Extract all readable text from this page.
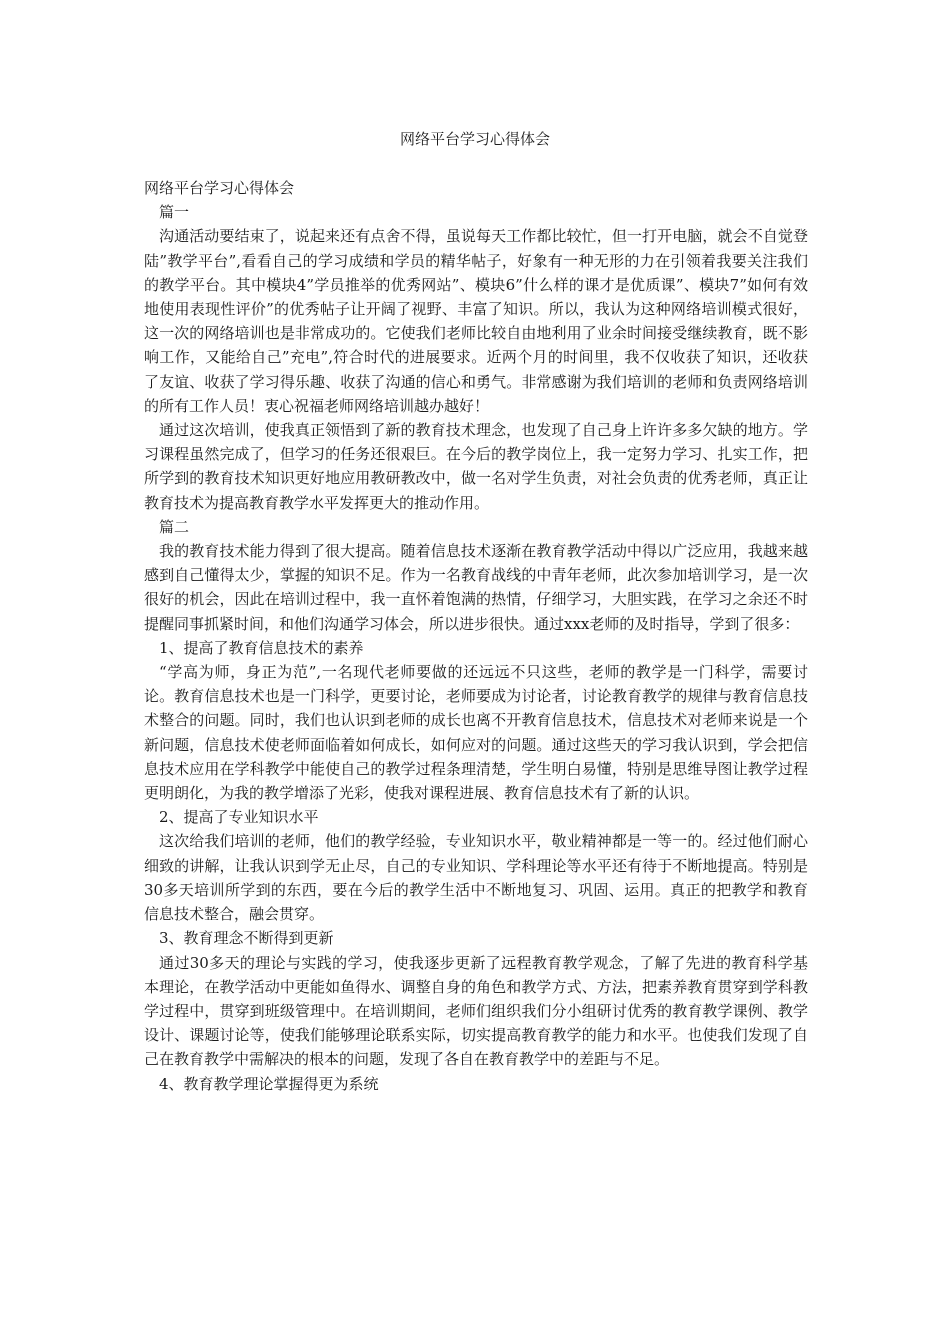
网络平台学习心得体会

网络平台学习心得体会

篇一

沟通活动要结束了，说起来还有点舍不得，虽说每天工作都比较忙，但一打开电脑，就会不自觉登陆”教学平台”,看看自己的学习成绩和学员的精华帖子，好象有一种无形的力在引领着我要关注我们的教学平台。其中模块4”学员推举的优秀网站”、模块6”什么样的课才是优质课”、模块7”如何有效地使用表现性评价”的优秀帖子让开阔了视野、丰富了知识。所以，我认为这种网络培训模式很好，这一次的网络培训也是非常成功的。它使我们老师比较自由地利用了业余时间接受继续教育，既不影响工作，又能给自己”充电”,符合时代的进展要求。近两个月的时间里，我不仅收获了知识，还收获了友谊、收获了学习得乐趣、收获了沟通的信心和勇气。非常感谢为我们培训的老师和负责网络培训的所有工作人员！衷心祝福老师网络培训越办越好！

通过这次培训，使我真正领悟到了新的教育技术理念，也发现了自己身上许许多多欠缺的地方。学习课程虽然完成了，但学习的任务还很艰巨。在今后的教学岗位上，我一定努力学习、扎实工作，把所学到的教育技术知识更好地应用教研教改中，做一名对学生负责，对社会负责的优秀老师，真正让教育技术为提高教育教学水平发挥更大的推动作用。

篇二

我的教育技术能力得到了很大提高。随着信息技术逐渐在教育教学活动中得以广泛应用，我越来越感到自己懂得太少，掌握的知识不足。作为一名教育战线的中青年老师，此次参加培训学习，是一次很好的机会，因此在培训过程中，我一直怀着饱满的热情，仔细学习，大胆实践，在学习之余还不时提醒同事抓紧时间，和他们沟通学习体会，所以进步很快。通过xxx老师的及时指导，学到了很多：

1、提高了教育信息技术的素养

“学高为师，身正为范”,一名现代老师要做的还远远不只这些，老师的教学是一门科学，需要讨论。教育信息技术也是一门科学，更要讨论，老师要成为讨论者，讨论教育教学的规律与教育信息技术整合的问题。同时，我们也认识到老师的成长也离不开教育信息技术，信息技术对老师来说是一个新问题，信息技术使老师面临着如何成长，如何应对的问题。通过这些天的学习我认识到，学会把信息技术应用在学科教学中能使自己的教学过程条理清楚，学生明白易懂，特别是思维导图让教学过程更明朗化，为我的教学增添了光彩，使我对课程进展、教育信息技术有了新的认识。

2、提高了专业知识水平

这次给我们培训的老师，他们的教学经验，专业知识水平，敬业精神都是一等一的。经过他们耐心细致的讲解，让我认识到学无止尽，自己的专业知识、学科理论等水平还有待于不断地提高。特别是30多天培训所学到的东西，要在今后的教学生活中不断地复习、巩固、运用。真正的把教学和教育信息技术整合，融会贯穿。

3、教育理念不断得到更新

通过30多天的理论与实践的学习，使我逐步更新了远程教育教学观念，了解了先进的教育科学基本理论，在教学活动中更能如鱼得水、调整自身的角色和教学方式、方法，把素养教育贯穿到学科教学过程中，贯穿到班级管理中。在培训期间，老师们组织我们分小组研讨优秀的教育教学课例、教学设计、课题讨论等，使我们能够理论联系实际，切实提高教育教学的能力和水平。也使我们发现了自己在教育教学中需解决的根本的问题，发现了各自在教育教学中的差距与不足。

4、教育教学理论掌握得更为系统
